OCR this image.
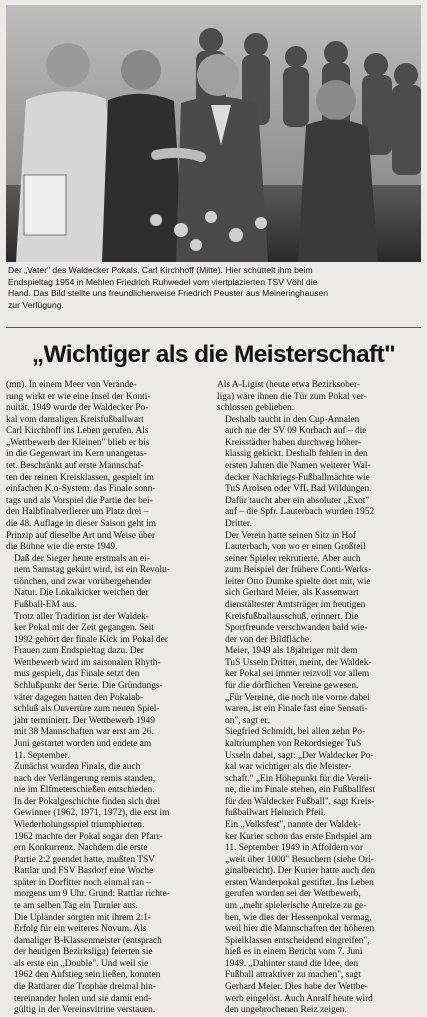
Der „Vater" des Waldecker Pokals, Carl Kirchhoff (Mitte). Hier schüttelt ihm beim
Endspieltag 1954 in Mehlen Friedrich Ruhwedel vom viertplazierten TSV Vöhl die
Hand. Das Bild stellte uns freundlicherweise Friedrich Peuster aus Meineringhausen
zur Verfügung.
„Wichtiger als die Meisterschaft"

(mn). In einem Meer von Verände-
rung wirkt er wie eine Insel der Konti-
nuität. 1949 wurde der Waldecker Po-
kal vom damaligen Kreisfußballwart
Carl Kirchhoff ins Leben gerufen. Als
„Wettbewerb der Kleinen" blieb er bis
in die Gegenwart im Kern unangetas-
tet. Beschränkt auf erste Mannschaf-
ten der reinen Kreisklassen, gespielt im
einfachen K.o-System, das Finale sonn-
tags und als Vorspiel die Partie der bei-
den Halbfinalverlierer um Platz drei –
die 48. Auflage in dieser Saison geht im
Prinzip auf dieselbe Art und Weise über
die Bühne wie die erste 1949.

Daß der Sieger heute erstmals an ei-
nem Samstag gekürt wird, ist ein Revolu-
tiönchen, und zwar vorübergehender
Natur. Die Lokalkicker weichen der
Fußball-EM aus.

Trotz aller Tradition ist der Waldek-
ker Pokal mit der Zeit gegangen. Seit
1992 gehört der finale Kick im Pokal der
Frauen zum Endspieltag dazu. Der
Wettbewerb wird im saisonalen Rhyth-
mus gespielt, das Finale setzt den
Schlußpunkt der Serie. Die Gründungs-
väter dagegen hatten den Pokalab-
schluß als Ouvertüre zum neuen Spiel-
jahr terminiert. Der Wettbewerb 1949
mit 38 Mannschaften war erst am 26.
Juni gestartet worden und endete am
11. September.

Zunächst wurden Finals, die auch
nach der Verlängerung remis standen,
nie im Elfmeterschießen entschieden.
In der Pokalgeschichte finden sich drei
Gewinner (1962, 1971, 1972), die erst im
Wiederholungsspiel triumphierten.
1962 machte der Pokal sogar den Pfarr-
ern Konkurrenz. Nachdem die erste
Partie 2:2 geendet hatte, mußten TSV
Rattlar und FSV Basdorf eine Woche
später in Dorfitter noch einmal ran –
morgens um 9 Uhr. Grund: Rattlar richte-
te am selben Tag ein Turnier aus.

Die Upländer sorgten mit ihrem 2:1-
Erfolg für ein weiteres Novum. Als
damaliger B-Klassenmeister (entsprach
der heutigen Bezirksliga) feierten sie
als erste ein „Double". Und weil sie
1962 den Aufstieg sein ließen, konnten
die Rattlarer die Trophäe dreimal hin-
tereinander holen und sie damit end-
gültig in der Vereinsvitrine verstauen.

Als A-Ligist (heute etwa Bezirksober-
liga) wäre ihnen die Tür zum Pokal ver-
schlossen geblieben.

Deshalb taucht in den Cup-Annalen
auch nie der SV 09 Korbach auf – die
Kreisstädter haben durchweg höher-
klassig gekickt. Deshalb fehlen in den
ersten Jahren die Namen weiterer Wal-
decker Nachkriegs-Fußballmächte wie
TuS Arolsen oder VfL Bad Wildungen.
Dafür taucht aber ein absoluter „Exot"
auf – die Spfr. Lauterbach wurden 1952
Dritter.

Der Verein hatte seinen Sitz in Hof
Lauterbach, von wo er einen Großteil
seiner Spieler rekrutierte. Aber auch
zum Beispiel der frühere Conti-Werks-
leiter Otto Dumke spielte dort mit, wie
sich Gerhard Meier, als Kassenwart
dienstältester Amtsträger im heutigen
Kreisfußballausschuß, erinnert. Die
Sportfreunde verschwanden bald wie-
der von der Bildfläche.

Meier, 1949 als 18jähriger mit dem
TuS Usseln Dritter, meint, der Waldek-
ker Pokal sei immer reizvoll vor allem
für die dörflichen Vereine gewesen.
„Für Vereine, die noch nie vorne dabei
waren, ist ein Finale fast eine Sensati-
on", sagt er.

Siegfried Schmidt, bei allen zehn Po-
kaltriumphen von Rekordsieger TuS
Usseln dabei, sagt: „Der Waldecker Po-
kal war wichtiger als die Meister-
schaft." „Ein Höhepunkt für die Vereii-
ne, die im Finale stehen, ein Fußballfest
für den Waldecker Fußball", sagt Kreis-
fußballwart Heinrich Pfeil.

Ein „Volksfest", nannte der Waldek-
ker Kurier schon das erste Endspiel am
11. September 1949 in Affoldern vor
„weit über 1000" Besuchern (siehe Ori-
ginalbericht). Der Kurier hatte auch den
ersten Wanderpokal gestiftet. Ins Leben
gerufen worden sei der Wettbewerb,
um „mehr spielerische Anreize zu ge-
ben, wie dies der Hessenpokal vermag,
weil hier die Mannschaften der höheren
Spielklassen entscheidend eingreifen",
hieß es in einem Bericht vom 7. Juni
1949. „Dahinter stand die Idee, den
Fußball attraktiver zu machen", sagt
Gerhard Meier. Dies habe der Wettbe-
werb eingelöst. Auch Anralf heute wird
den ungebrochenen Reiz zeigen.
